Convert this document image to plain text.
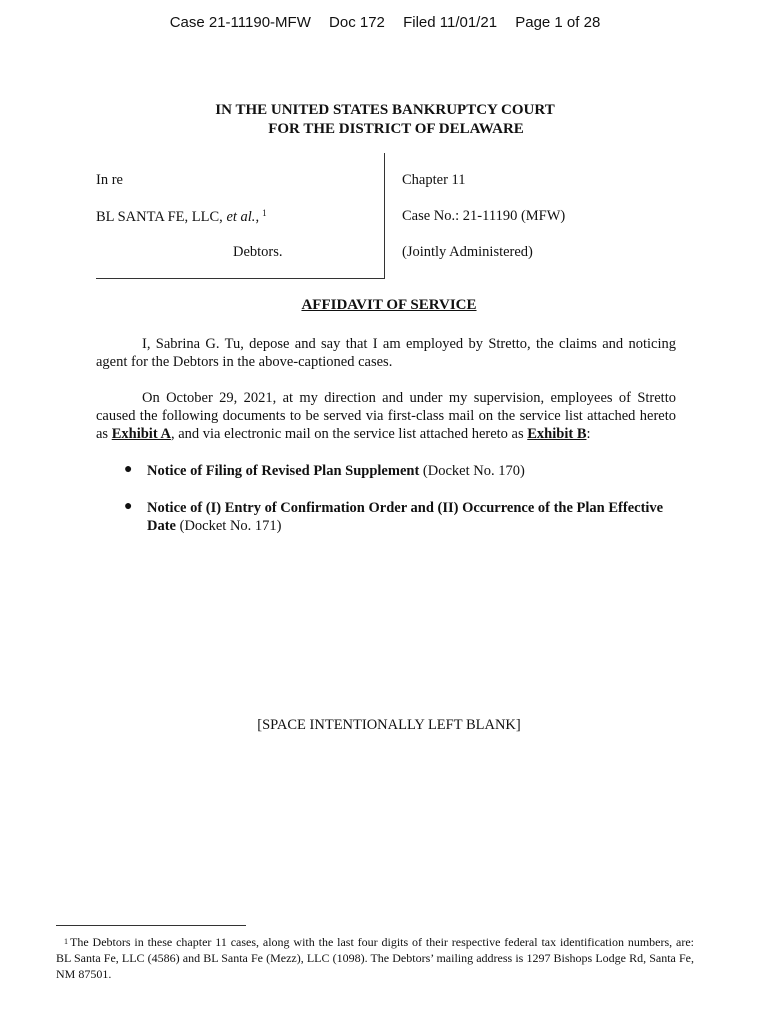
Case 21-11190-MFW Doc 172 Filed 11/01/21 Page 1 of 28
IN THE UNITED STATES BANKRUPTCY COURT
FOR THE DISTRICT OF DELAWARE
In re
BL SANTA FE, LLC, et al., $^1$
Debtors.
Chapter 11
Case No.: 21-11190 (MFW)
(Jointly Administered)
AFFIDAVIT OF SERVICE

I, Sabrina G. Tu, depose and say that I am employed by Stretto, the claims and noticing agent for the Debtors in the above-captioned cases.

On October 29, 2021, at my direction and under my supervision, employees of Stretto caused the following documents to be served via first-class mail on the service list attached hereto as Exhibit A, and via electronic mail on the service list attached hereto as Exhibit B:

● Notice of Filing of Revised Plan Supplement (Docket No. 170)
● Notice of (I) Entry of Confirmation Order and (II) Occurrence of the Plan Effective Date (Docket No. 171)
[SPACE INTENTIONALLY LEFT BLANK]
$^1$ The Debtors in these chapter 11 cases, along with the last four digits of their respective federal tax identification numbers, are: BL Santa Fe, LLC (4586) and BL Santa Fe (Mezz), LLC (1098). The Debtors’ mailing address is 1297 Bishops Lodge Rd, Santa Fe, NM 87501.
